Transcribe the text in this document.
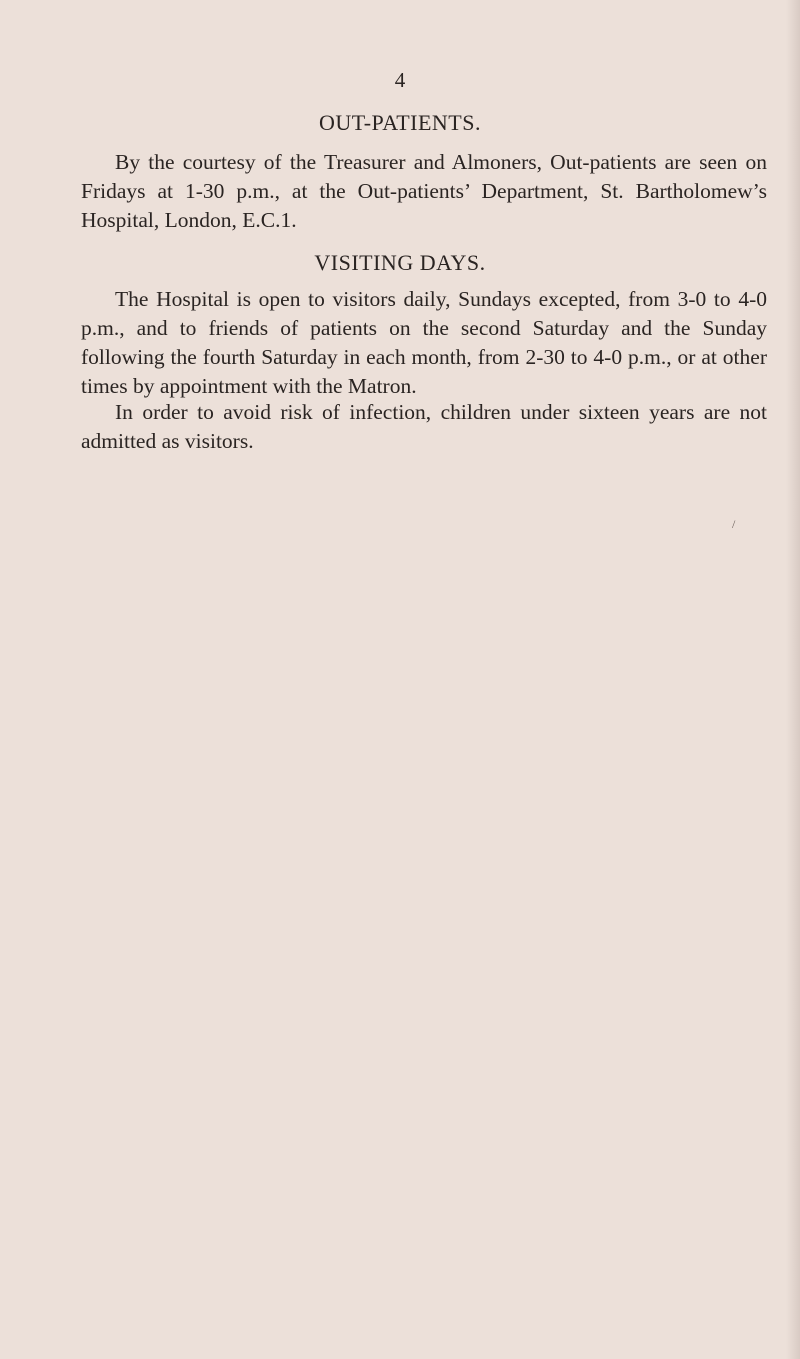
4

OUT-PATIENTS.

By the courtesy of the Treasurer and Almoners, Out-patients are seen on Fridays at 1-30 p.m., at the Out-patients’ Department, St. Bartholomew’s Hospital, London, E.C.1.

VISITING DAYS.

The Hospital is open to visitors daily, Sundays excepted, from 3-0 to 4-0 p.m., and to friends of patients on the second Saturday and the Sunday following the fourth Saturday in each month, from 2-30 to 4-0 p.m., or at other times by appointment with the Matron.

In order to avoid risk of infection, children under sixteen years are not admitted as visitors.

/
